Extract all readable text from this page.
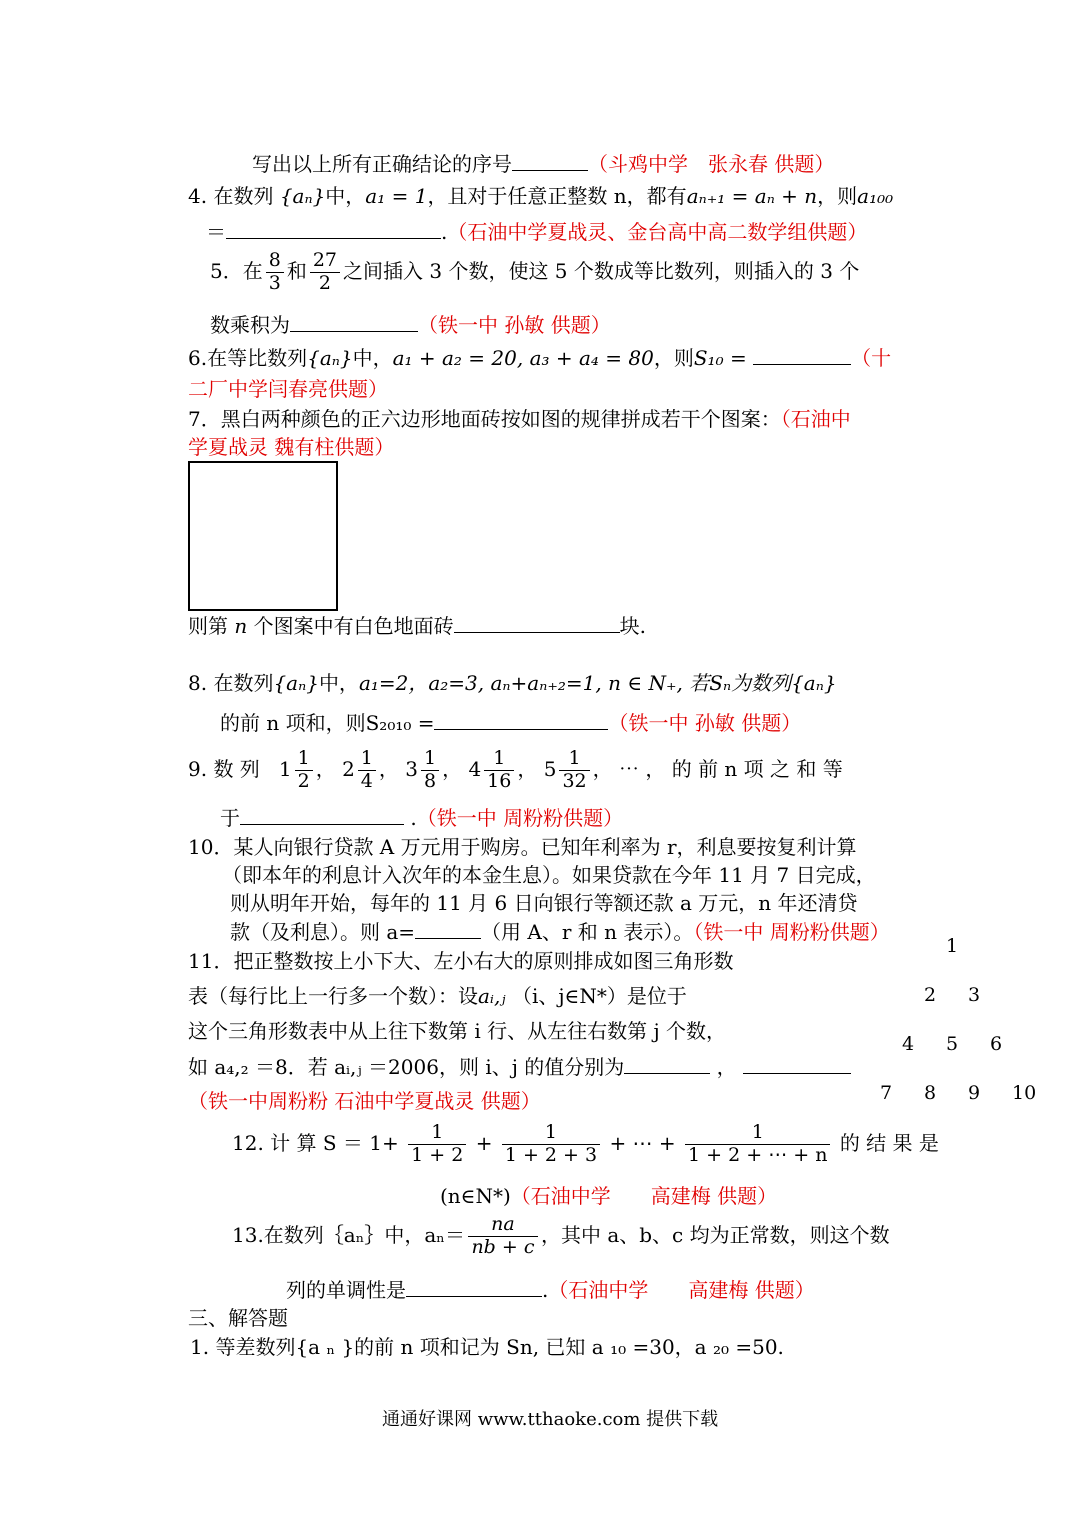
写出以上所有正确结论的序号	（斗鸡中学　张永春 供题）
4. 在数列 {aₙ}中，a₁ = 1，且对于任意正整数 n，都有aₙ₊₁ = aₙ + n，则a₁₀₀
＝	.（石油中学夏战灵、金台高中高二数学组供题）
5．在 $\frac{8}{3}$ 和 $\frac{27}{2}$ 之间插入 3 个数，使这 5 个数成等比数列，则插入的 3 个
数乘积为	（铁一中 孙敏 供题）
6.在等比数列{aₙ}中，a₁ + a₂ = 20, a₃ + a₄ = 80，则S₁₀ =	（十
二厂中学闫春亮供题）
7．黑白两种颜色的正六边形地面砖按如图的规律拼成若干个图案：（石油中
学夏战灵 魏有柱供题）
则第 n 个图案中有白色地面砖	块.
8. 在数列{aₙ}中，a₁=2，a₂=3, aₙ+aₙ₊₂=1, n ∈ N₊, 若Sₙ为数列{aₙ}
的前 n 项和，则S₂₀₁₀ =	（铁一中 孙敏 供题）
9. 数 列 $1 \frac{1}{2}$ ， $2 \frac{1}{4}$ ， $3 \frac{1}{8}$ ， $4 \frac{1}{16}$ ， $5 \frac{1}{32}$ ， ⋯ ， 的 前 n 项 之 和 等
于	.（铁一中 周粉粉供题）
10．某人向银行贷款 A 万元用于购房。已知年利率为 r，利息要按复利计算
（即本年的利息计入次年的本金生息）。如果贷款在今年 11 月 7 日完成，
则从明年开始，每年的 11 月 6 日向银行等额还款 a 万元，n 年还清贷
款（及利息）。则 a=	（用 A、r 和 n 表示）。（铁一中 周粉粉供题）
11．把正整数按上小下大、左小右大的原则排成如图三角形数
表（每行比上一行多一个数）：设aᵢ,ⱼ （i、j∈N*）是位于
这个三角形数表中从上往下数第 i 行、从左往右数第 j 个数，
如 a₄,₂ ＝8．若 aᵢ,ⱼ ＝2006，则 i、j 的值分别为	，
（铁一中周粉粉 石油中学夏战灵 供题）
1
2 3
4 5 6
7 8 9 10
12. 计 算 $S = 1+ \frac{1}{1 + 2} + \frac{1}{1 + 2 + 3}$ + ⋯ + $\frac{1}{1 + 2 + \cdots + n}$ 的 结 果 是
(n∈N*)（石油中学　　高建梅 供题）
13.在数列｛aₙ｝中，$a_n= \frac{na}{nb + c}$ ，其中 a、b、c 均为正常数，则这个数
列的单调性是	.（石油中学　　高建梅 供题）
三、解答题
1. 等差数列{a ₙ }的前 n 项和记为 Sn, 已知 a ₁₀ =30，a ₂₀ =50.
通通好课网 www.tthaoke.com 提供下载
